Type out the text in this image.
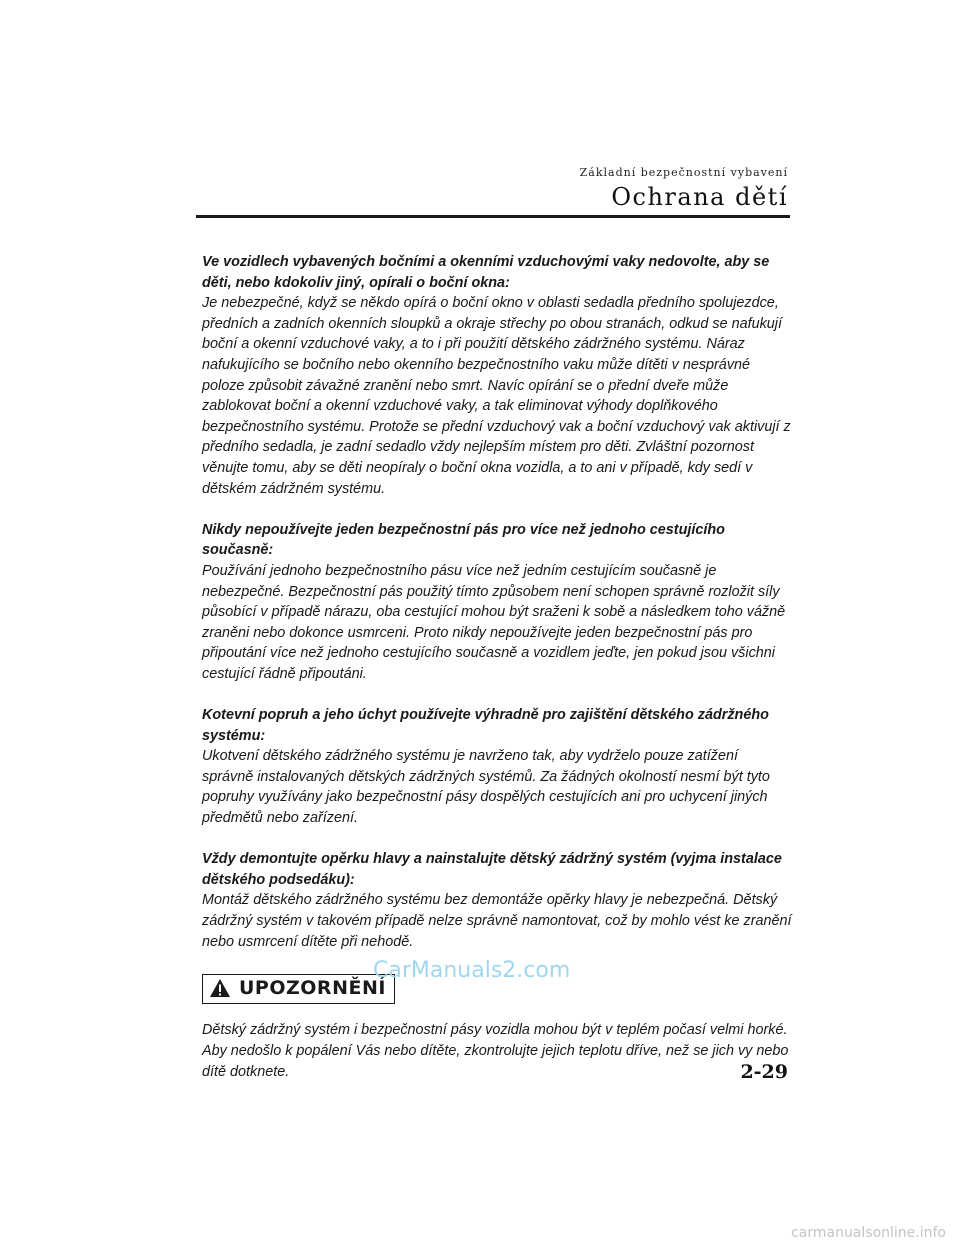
Základní bezpečnostní vybavení
Ochrana dětí
Ve vozidlech vybavených bočními a okenními vzduchovými vaky nedovolte, aby se děti, nebo kdokoliv jiný, opírali o boční okna:
Je nebezpečné, když se někdo opírá o boční okno v oblasti sedadla předního spolujezdce, předních a zadních okenních sloupků a okraje střechy po obou stranách, odkud se nafukují boční a okenní vzduchové vaky, a to i při použití dětského zádržného systému. Náraz nafukujícího se bočního nebo okenního bezpečnostního vaku může dítěti v nesprávné poloze způsobit závažné zranění nebo smrt. Navíc opírání se o přední dveře může zablokovat boční a okenní vzduchové vaky, a tak eliminovat výhody doplňkového bezpečnostního systému. Protože se přední vzduchový vak a boční vzduchový vak aktivují z předního sedadla, je zadní sedadlo vždy nejlepším místem pro děti. Zvláštní pozornost věnujte tomu, aby se děti neopíraly o boční okna vozidla, a to ani v případě, kdy sedí v dětském zádržném systému.
Nikdy nepoužívejte jeden bezpečnostní pás pro více než jednoho cestujícího současně:
Používání jednoho bezpečnostního pásu více než jedním cestujícím současně je nebezpečné. Bezpečnostní pás použitý tímto způsobem není schopen správně rozložit síly působící v případě nárazu, oba cestující mohou být sraženi k sobě a následkem toho vážně zraněni nebo dokonce usmrceni. Proto nikdy nepoužívejte jeden bezpečnostní pás pro připoutání více než jednoho cestujícího současně a vozidlem jeďte, jen pokud jsou všichni cestující řádně připoutáni.
Kotevní popruh a jeho úchyt používejte výhradně pro zajištění dětského zádržného systému:
Ukotvení dětského zádržného systému je navrženo tak, aby vydrželo pouze zatížení správně instalovaných dětských zádržných systémů. Za žádných okolností nesmí být tyto popruhy využívány jako bezpečnostní pásy dospělých cestujících ani pro uchycení jiných předmětů nebo zařízení.
Vždy demontujte opěrku hlavy a nainstalujte dětský zádržný systém (vyjma instalace dětského podsedáku):
Montáž dětského zádržného systému bez demontáže opěrky hlavy je nebezpečná. Dětský zádržný systém v takovém případě nelze správně namontovat, což by mohlo vést ke zranění nebo usmrcení dítěte při nehodě.
UPOZORNĚNÍ
Dětský zádržný systém i bezpečnostní pásy vozidla mohou být v teplém počasí velmi horké. Aby nedošlo k popálení Vás nebo dítěte, zkontrolujte jejich teplotu dříve, než se jich vy nebo dítě dotknete.
CarManuals2.com
2-29
carmanualsonline.info
